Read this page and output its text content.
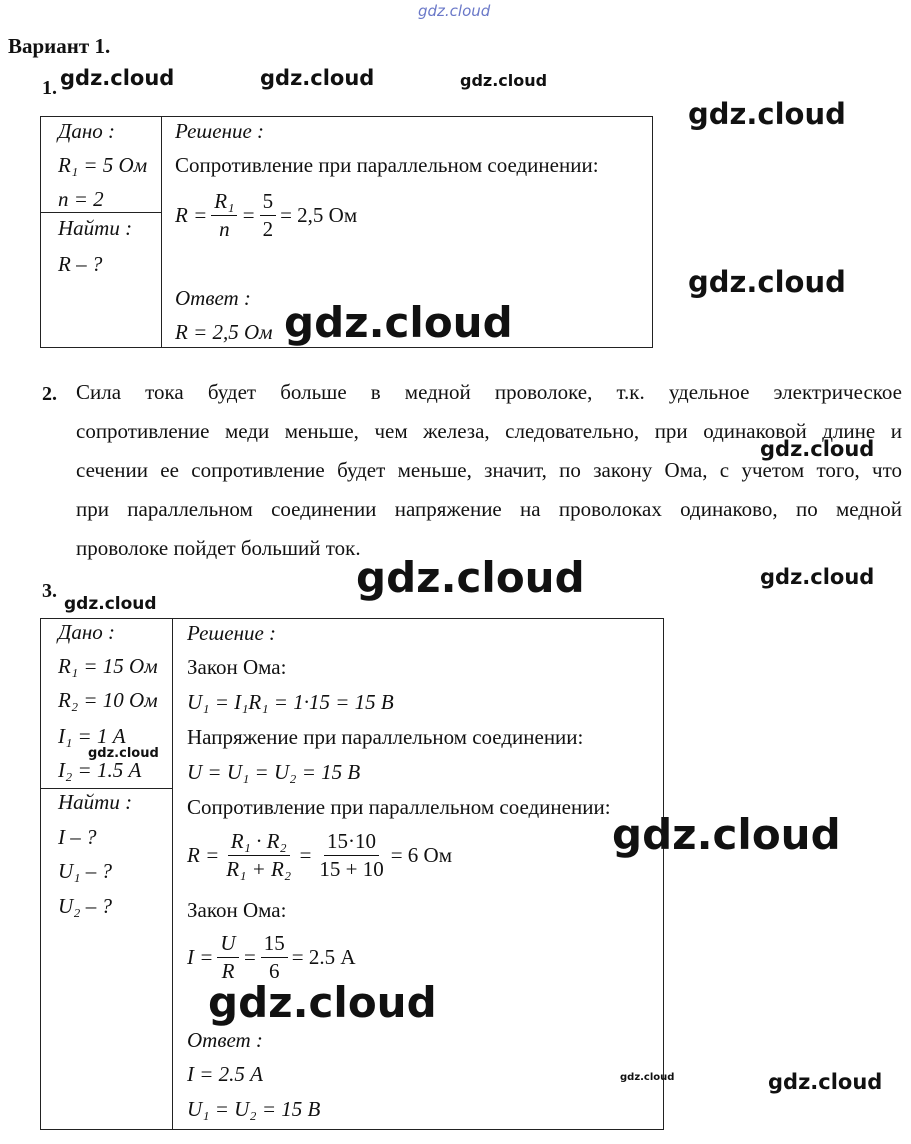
gdz.cloud
Вариант 1.
1. gdz.cloud	gdz.cloud	gdz.cloud
gdz.cloud
gdz.cloud
Дано :
R₁ = 5 Ом
n = 2
Найти :
R – ?
Решение :
Сопротивление при параллельном соединении:
$R = \frac{\text{R₁}}{n} = \frac{5}{2} = 2,5$ Ом
Ответ :
R = 2,5 Ом gdz.cloud
2. Сила тока будет больше в медной проволоке, т.к. удельное электрическое
сопротивление меди меньше, чем железа, следовательно, при одинаковой длине и
сечении ее сопротивление будет меньше, значит, по закону Ома, с учетом того, что
при параллельном соединении напряжение на проволоках одинаково, по медной
проволоке пойдет больший ток.
gdz.cloud
gdz.cloud	gdz.cloud
3.
gdz.cloud
Дано :
R₁ = 15 Ом
R₂ = 10 Ом
I₁ = 1 А
I₂ = 1.5 А
gdz.cloud
Найти :
I – ?
U₁ – ?
U₂ – ?
Решение :
Закон Ома:
U₁ = I₁R₁ = 1·15 = 15 В
Напряжение при параллельном соединении:
U = U₁ = U₂ = 15 В
Сопротивление при параллельном соединении:
$R = \frac{\text{R₁ · R₂}}{\text{R₁ + R₂}} = \frac{15\cdot 10}{15 + 10} = 6$ Ом	gdz.cloud
Закон Ома:
$I = \frac{U}{R} = \frac{15}{6} = 2.5$ А
gdz.cloud
Ответ :
I = 2.5 А
U₁ = U₂ = 15 В
gdz.cloud	gdz.cloud
